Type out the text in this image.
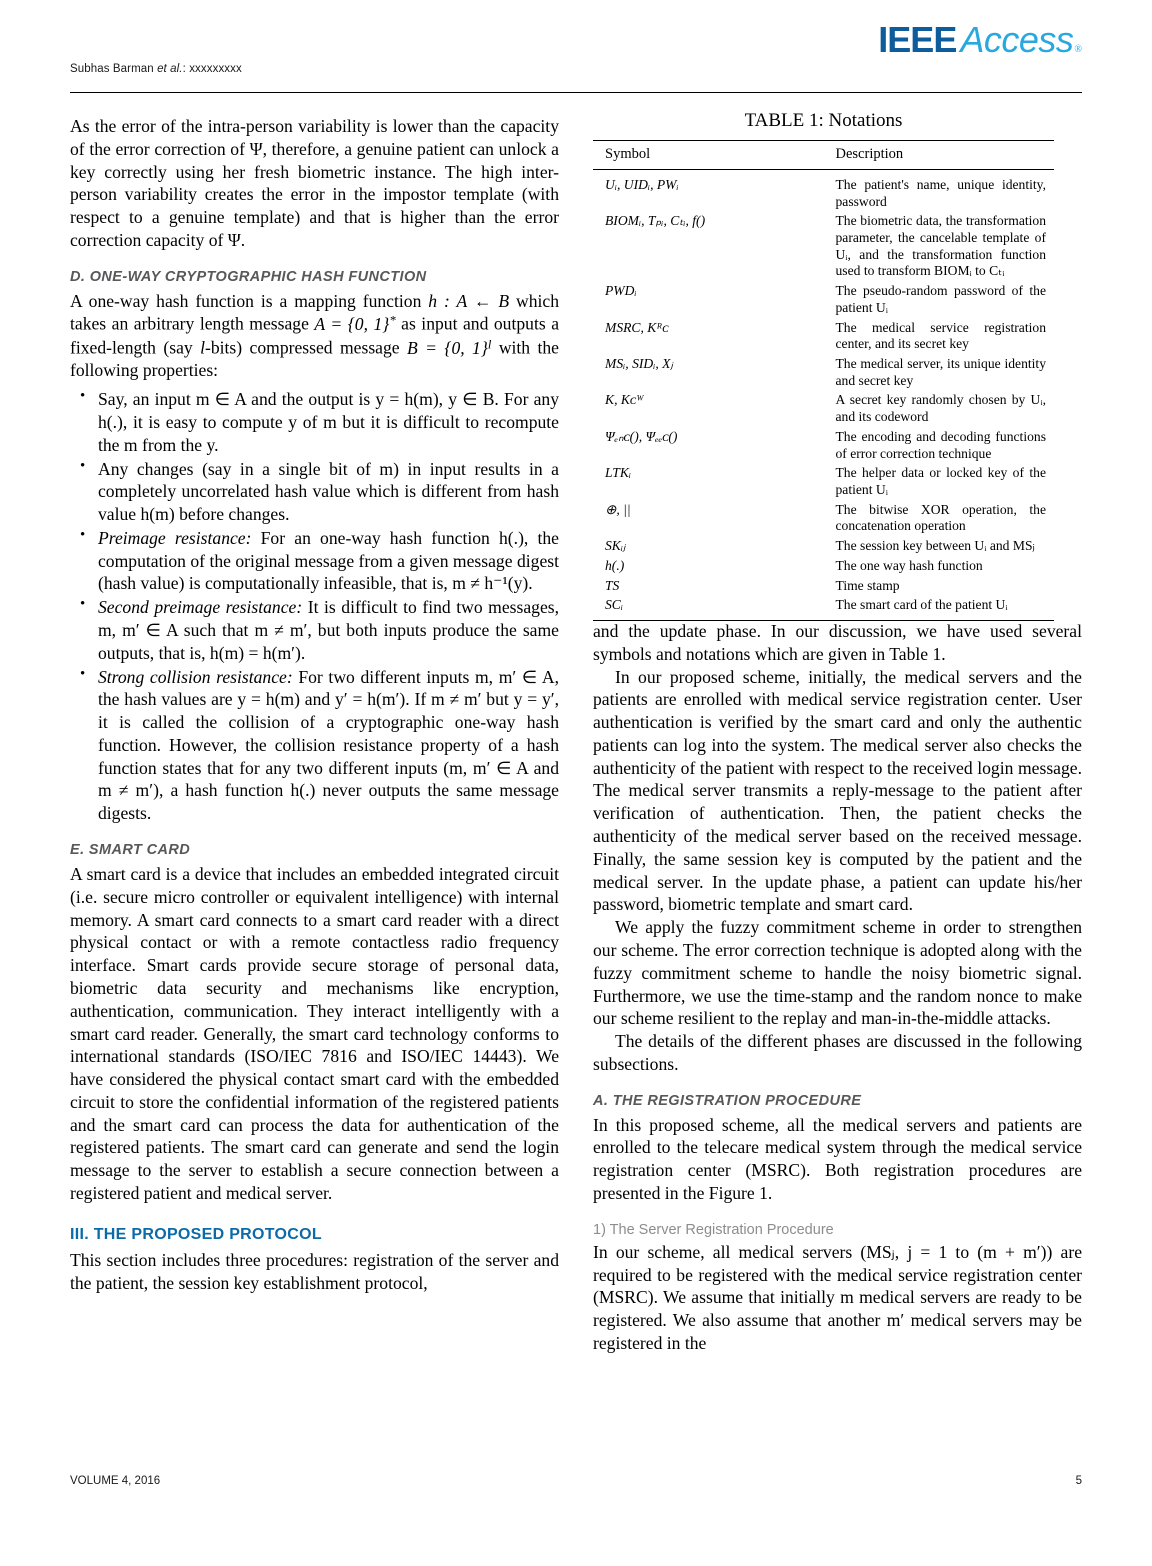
IEEE Access ®
Subhas Barman et al.: xxxxxxxxx

As the error of the intra-person variability is lower than the capacity of the error correction of Ψ, therefore, a genuine patient can unlock a key correctly using her fresh biometric instance. The high inter-person variability creates the error in the impostor template (with respect to a genuine template) and that is higher than the error correction capacity of Ψ.

D. ONE-WAY CRYPTOGRAPHIC HASH FUNCTION

A one-way hash function is a mapping function h : A ← B which takes an arbitrary length message A = {0, 1}* as input and outputs a fixed-length (say l-bits) compressed message B = {0, 1}$^l$ with the following properties:

• Say, an input m ∈ A and the output is y = h(m), y ∈ B. For any h(.), it is easy to compute y of m but it is difficult to recompute the m from the y.
• Any changes (say in a single bit of m) in input results in a completely uncorrelated hash value which is different from hash value h(m) before changes.
• Preimage resistance: For an one-way hash function h(.), the computation of the original message from a given message digest (hash value) is computationally infeasible, that is, m ≠ h⁻¹(y).
• Second preimage resistance: It is difficult to find two messages, m, m′ ∈ A such that m ≠ m′, but both inputs produce the same outputs, that is, h(m) = h(m′).
• Strong collision resistance: For two different inputs m, m′ ∈ A, the hash values are y = h(m) and y′ = h(m′). If m ≠ m′ but y = y′, it is called the collision of a cryptographic one-way hash function. However, the collision resistance property of a hash function states that for any two different inputs (m, m′ ∈ A and m ≠ m′), a hash function h(.) never outputs the same message digests.
E. SMART CARD

A smart card is a device that includes an embedded integrated circuit (i.e. secure micro controller or equivalent intelligence) with internal memory. A smart card connects to a smart card reader with a direct physical contact or with a remote contactless radio frequency interface. Smart cards provide secure storage of personal data, biometric data security and mechanisms like encryption, authentication, communication. They interact intelligently with a smart card reader. Generally, the smart card technology conforms to international standards (ISO/IEC 7816 and ISO/IEC 14443). We have considered the physical contact smart card with the embedded circuit to store the confidential information of the registered patients and the smart card can process the data for authentication of the registered patients. The smart card can generate and send the login message to the server to establish a secure connection between a registered patient and medical server.

III. THE PROPOSED PROTOCOL

This section includes three procedures: registration of the server and the patient, the session key establishment protocol,

TABLE 1: Notations
Symbol	Description
Uᵢ, UIDᵢ, PWᵢ	The patient's name, unique identity, password
BIOMᵢ, Tₚᵢ, Cₜᵢ, f()	The biometric data, the transformation parameter, the cancelable template of Uᵢ, and the transformation function used to transform BIOMᵢ to Cₜᵢ
PWDᵢ	The pseudo-random password of the patient Uᵢ
MSRC, Kᴿᴄ	The medical service registration center, and its secret key
MSᵢ, SIDᵢ, Xⱼ	The medical server, its unique identity and secret key
K, Kᴄᵂ	A secret key randomly chosen by Uᵢ, and its codeword
Ψₑₙᴄ(), Ψₑₑᴄ()	The encoding and decoding functions of error correction technique
LTKᵢ	The helper data or locked key of the patient Uᵢ
⊕, ||	The bitwise XOR operation, the concatenation operation
SKᵢⱼ	The session key between Uᵢ and MSⱼ
h(.)	The one way hash function
TS	Time stamp
SCᵢ	The smart card of the patient Uᵢ

and the update phase. In our discussion, we have used several symbols and notations which are given in Table 1.

In our proposed scheme, initially, the medical servers and the patients are enrolled with medical service registration center. User authentication is verified by the smart card and only the authentic patients can log into the system. The medical server also checks the authenticity of the patient with respect to the received login message. The medical server transmits a reply-message to the patient after verification of authentication. Then, the patient checks the authenticity of the medical server based on the received message. Finally, the same session key is computed by the patient and the medical server. In the update phase, a patient can update his/her password, biometric template and smart card.

We apply the fuzzy commitment scheme in order to strengthen our scheme. The error correction technique is adopted along with the fuzzy commitment scheme to handle the noisy biometric signal. Furthermore, we use the time-stamp and the random nonce to make our scheme resilient to the replay and man-in-the-middle attacks.

The details of the different phases are discussed in the following subsections.

A. THE REGISTRATION PROCEDURE

In this proposed scheme, all the medical servers and patients are enrolled to the telecare medical system through the medical service registration center (MSRC). Both registration procedures are presented in the Figure 1.

1) The Server Registration Procedure

In our scheme, all medical servers (MSⱼ, j = 1 to (m + m′)) are required to be registered with the medical service registration center (MSRC). We assume that initially m medical servers are ready to be registered. We also assume that another m′ medical servers may be registered in the

VOLUME 4, 2016	5
